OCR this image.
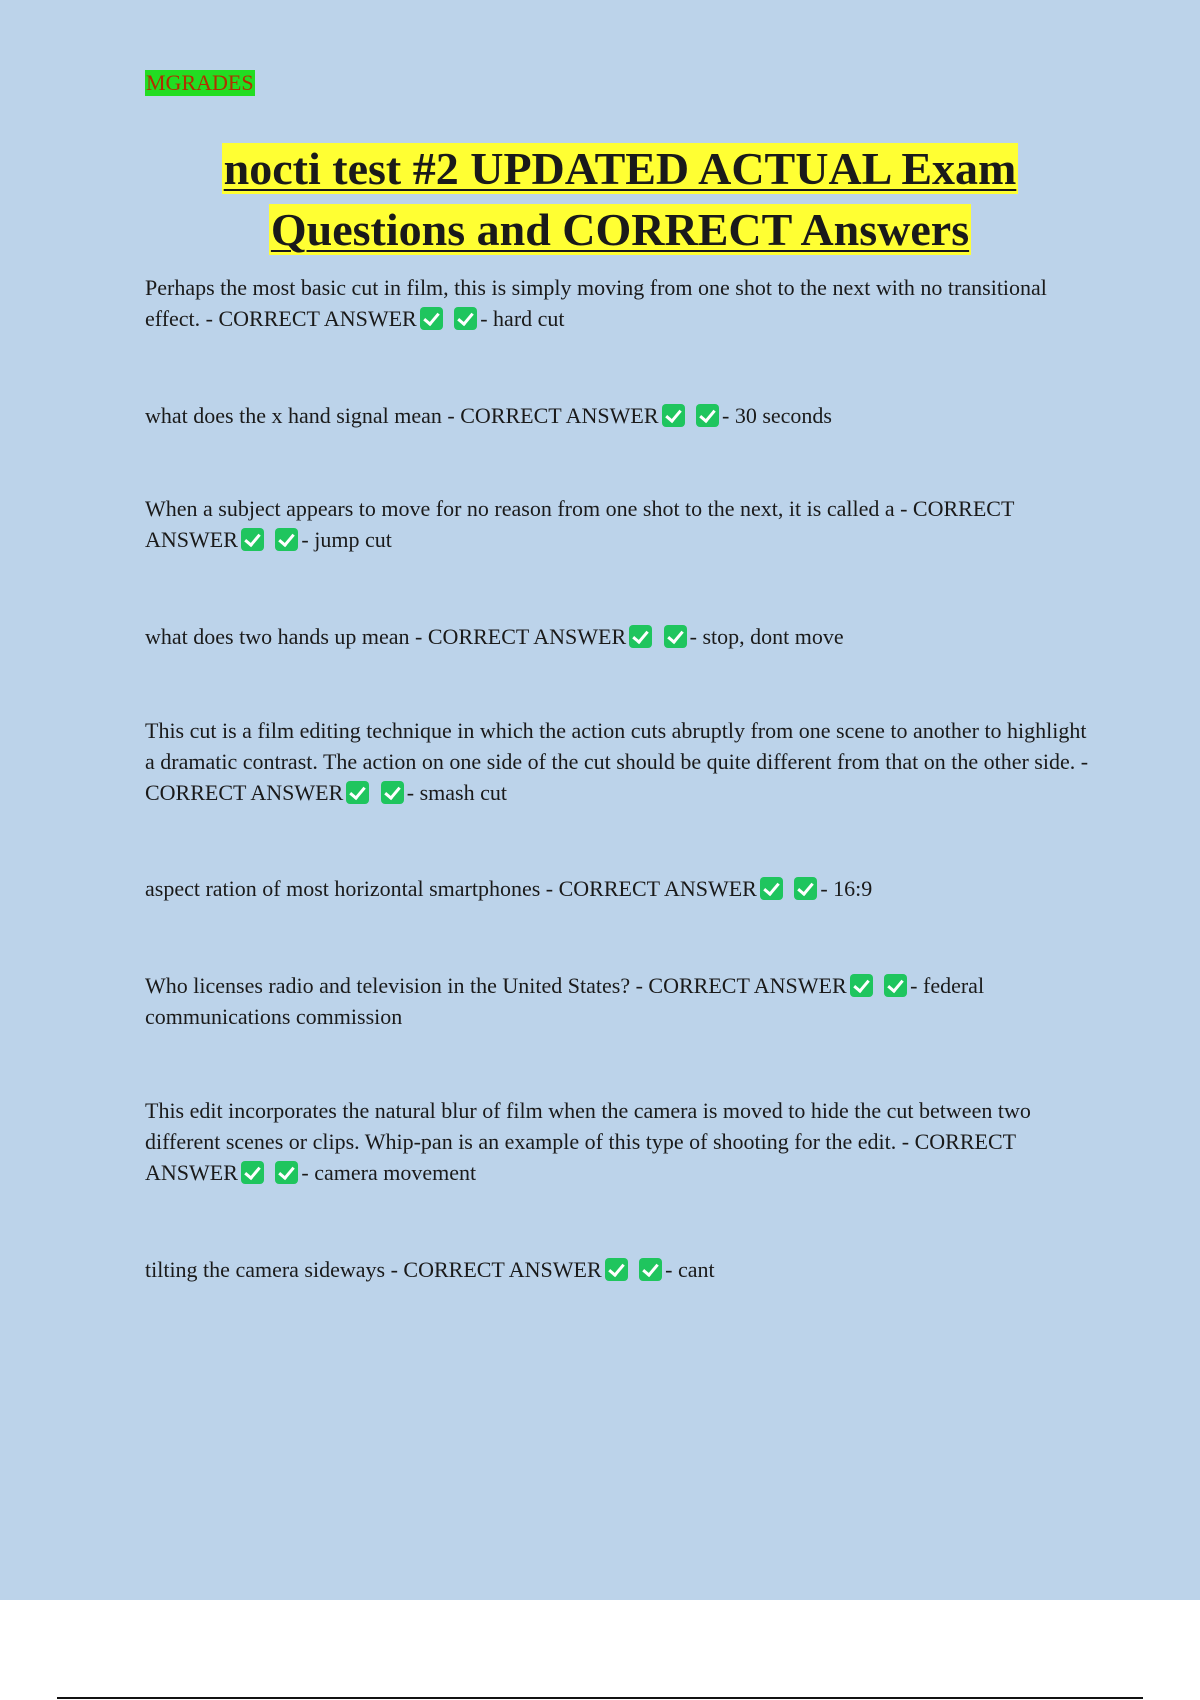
MGRADES
nocti test #2 UPDATED ACTUAL Exam
Questions and CORRECT Answers

Perhaps the most basic cut in film, this is simply moving from one shot to the next with no transitional effect. - CORRECT ANSWER	- hard cut

what does the x hand signal mean - CORRECT ANSWER	- 30 seconds

When a subject appears to move for no reason from one shot to the next, it is called a - CORRECT ANSWER	- jump cut

what does two hands up mean - CORRECT ANSWER	- stop, dont move

This cut is a film editing technique in which the action cuts abruptly from one scene to another to highlight a dramatic contrast. The action on one side of the cut should be quite different from that on the other side. - CORRECT ANSWER	- smash cut

aspect ration of most horizontal smartphones - CORRECT ANSWER	- 16:9

Who licenses radio and television in the United States? - CORRECT ANSWER	- federal communications commission

This edit incorporates the natural blur of film when the camera is moved to hide the cut between two different scenes or clips. Whip-pan is an example of this type of shooting for the edit. - CORRECT ANSWER	- camera movement

tilting the camera sideways - CORRECT ANSWER	- cant
